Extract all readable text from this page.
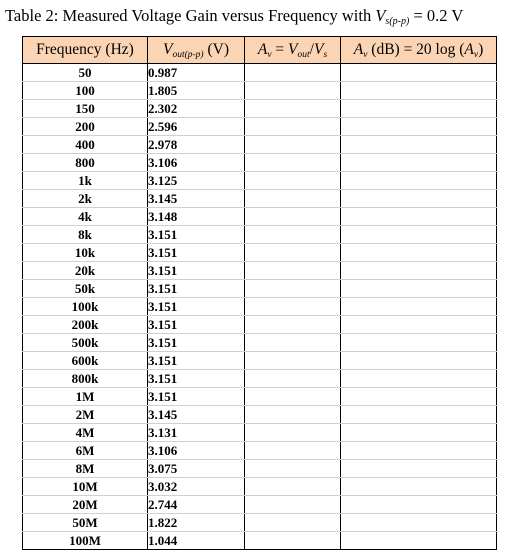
Table 2: Measured Voltage Gain versus Frequency with $V_{s(p-p)} = 0.2$ V
Frequency (Hz)	$V_{out(p-p)}$ (V)	$A_v = V_{out}/V_s$	$A_v$ (dB) = 20 $\log (A_v)$
50	0.987		
100	1.805		
150	2.302		
200	2.596		
400	2.978		
800	3.106		
1k	3.125		
2k	3.145		
4k	3.148		
8k	3.151		
10k	3.151		
20k	3.151		
50k	3.151		
100k	3.151		
200k	3.151		
500k	3.151		
600k	3.151		
800k	3.151		
1M	3.151		
2M	3.145		
4M	3.131		
6M	3.106		
8M	3.075		
10M	3.032		
20M	2.744		
50M	1.822		
100M	1.044		
